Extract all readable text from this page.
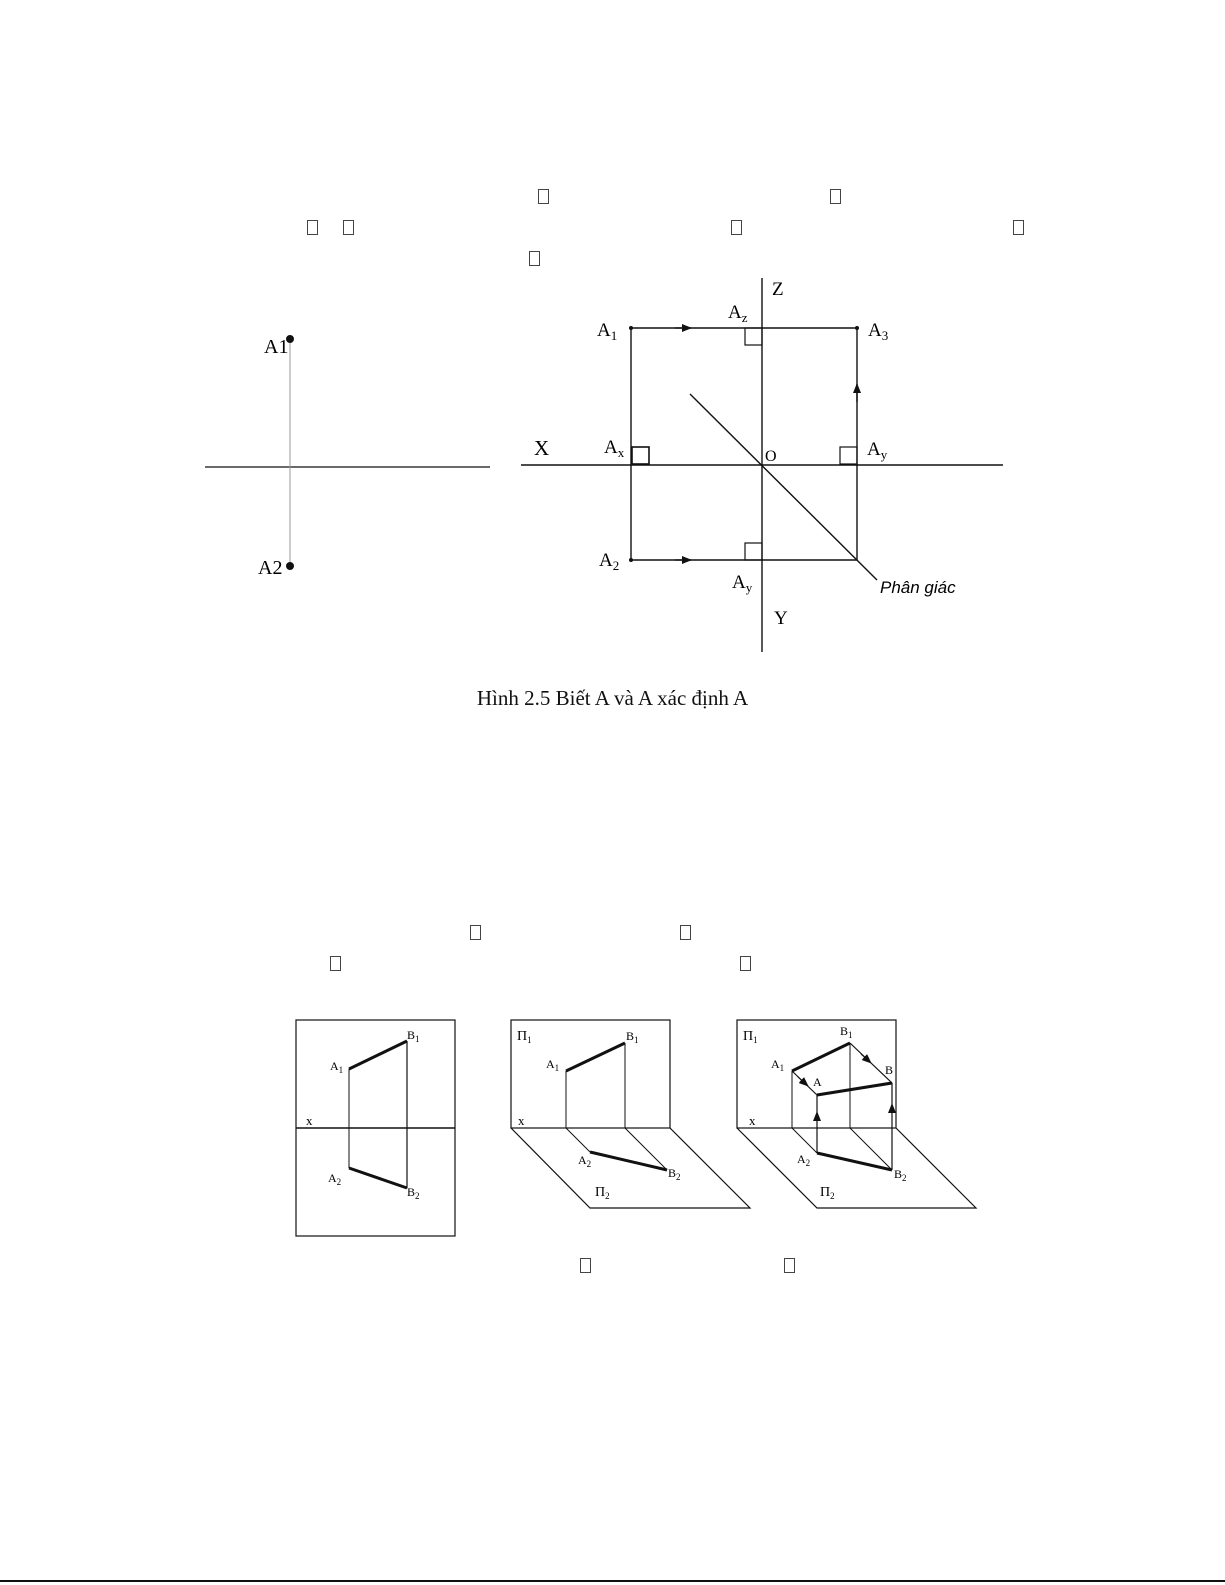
A1
A2
Z
X
Y
O
$A_1$
$A_z$
$A_3$
$A_x$	$A_y$
$A_2$
$A_y$	Phân giác
$A_1$
$B_1$
x
$A_2$
$B_2$
$\Pi_1$
$A_1$
$B_1$
x
$A_2$
$B_2$
$\Pi_2$
$\Pi_1$
$A_1$
$B_1$
A
B
x
$A_2$
$B_2$
$\Pi_2$
Hình 2.5 Biết A và A xác định A
